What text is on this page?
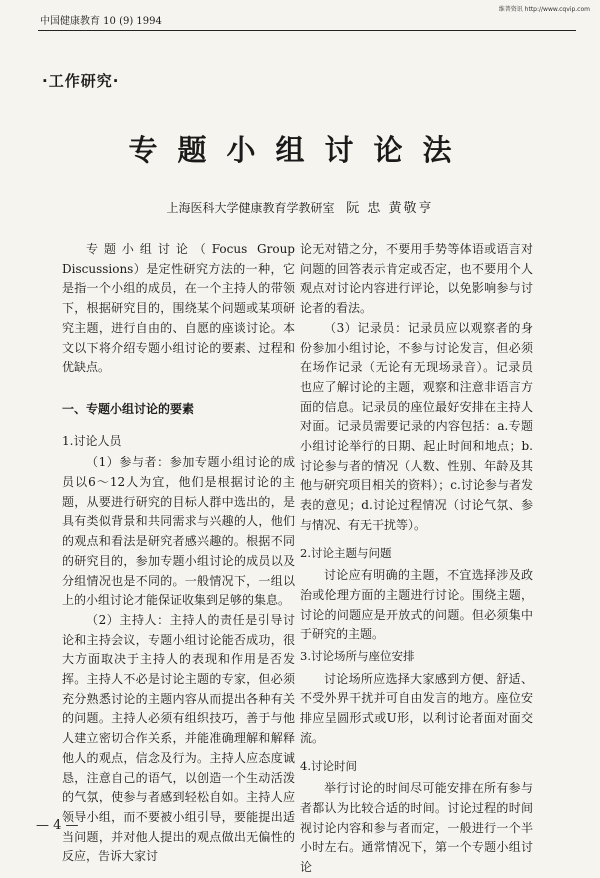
中国健康教育 10 (9) 1994
维普资讯 http://www.cqvip.com
·工作研究·
专题小组讨论法
上海医科大学健康教育学教研室 阮 忠 黄敬亨

专题小组讨论（Focus Group Discussions）是定性研究方法的一种，它是指一个小组的成员，在一个主持人的带领下，根据研究目的，围绕某个问题或某项研究主题，进行自由的、自愿的座谈讨论。本文以下将介绍专题小组讨论的要素、过程和优缺点。

一、专题小组讨论的要素

1.讨论人员

（1）参与者：参加专题小组讨论的成员以6～12人为宜，他们是根据讨论的主题，从要进行研究的目标人群中选出的，是具有类似背景和共同需求与兴趣的人，他们的观点和看法是研究者感兴趣的。根据不同的研究目的，参加专题小组讨论的成员以及分组情况也是不同的。一般情况下，一组以上的小组讨论才能保证收集到足够的集息。

（2）主持人：主持人的责任是引导讨论和主持会议，专题小组讨论能否成功，很大方面取决于主持人的表现和作用是否发挥。主持人不必是讨论主题的专家，但必须充分熟悉讨论的主题内容从而提出各种有关的问题。主持人必须有组织技巧，善于与他人建立密切合作关系，并能准确理解和解释他人的观点，信念及行为。主持人应态度诚恳，注意自己的语气，以创造一个生动活泼的气氛，使参与者感到轻松自如。主持人应领导小组，而不要被小组引导，要能提出适当问题，并对他人提出的观点做出无偏性的反应，告诉大家讨

论无对错之分，不要用手势等体语或语言对问题的回答表示肯定或否定，也不要用个人观点对讨论内容进行评论，以免影响参与讨论者的看法。

（3）记录员：记录员应以观察者的身份参加小组讨论，不参与讨论发言，但必须在场作记录（无论有无现场录音）。记录员也应了解讨论的主题，观察和注意非语言方面的信息。记录员的座位最好安排在主持人对面。记录员需要记录的内容包括：a.专题小组讨论举行的日期、起止时间和地点；b.讨论参与者的情况（人数、性别、年龄及其他与研究项目相关的资料）；c.讨论参与者发表的意见；d.讨论过程情况（讨论气氛、参与情况、有无干扰等）。

2.讨论主题与问题

讨论应有明确的主题，不宜选择涉及政治或伦理方面的主题进行讨论。围绕主题，讨论的问题应是开放式的问题。但必须集中于研究的主题。

3.讨论场所与座位安排

讨论场所应选择大家感到方便、舒适、不受外界干扰并可自由发言的地方。座位安排应呈圆形式或U形，以利讨论者面对面交流。

4.讨论时间

举行讨论的时间尽可能安排在所有参与者都认为比较合适的时间。讨论过程的时间视讨论内容和参与者而定，一般进行一个半小时左右。通常情况下，第一个专题小组讨论

— 4 —
